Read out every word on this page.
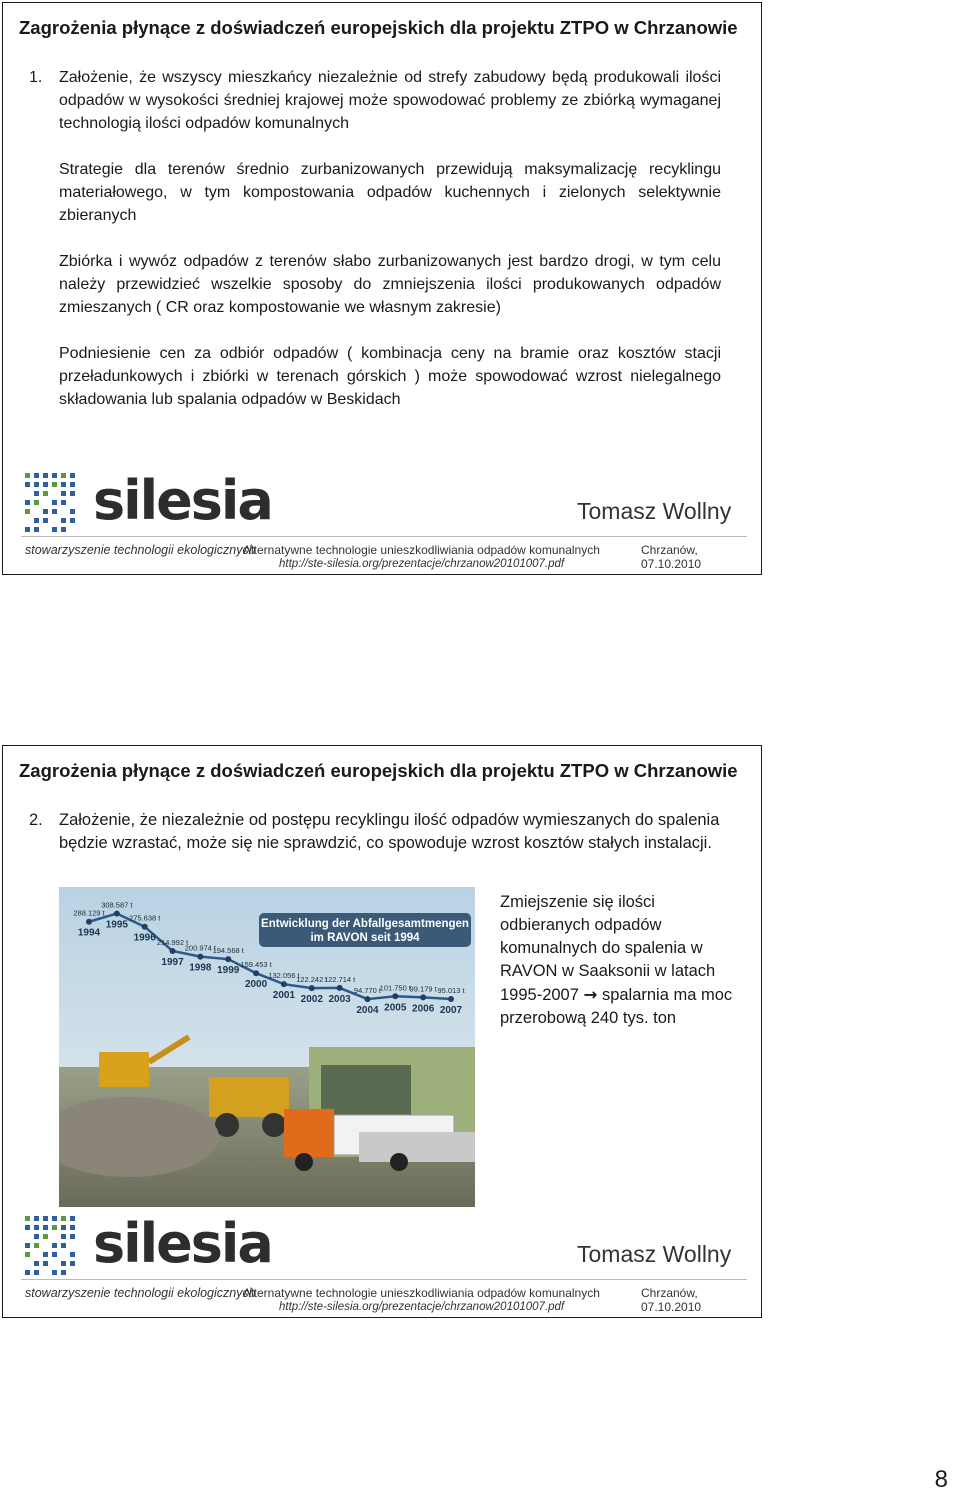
Zagrożenia płynące z doświadczeń europejskich dla projektu ZTPO w Chrzanowie

1. Założenie, że wszyscy mieszkańcy niezależnie od strefy zabudowy będą produkowali ilości odpadów w wysokości średniej krajowej może spowodować problemy ze zbiórką wymaganej technologią ilości odpadów komunalnych

Strategie dla terenów średnio zurbanizowanych przewidują maksymalizację recyklingu materiałowego, w tym kompostowania odpadów kuchennych i zielonych selektywnie zbieranych

Zbiórka i wywóz odpadów z terenów słabo zurbanizowanych jest bardzo drogi, w tym celu należy przewidzieć wszelkie sposoby do zmniejszenia ilości produkowanych odpadów zmieszanych ( CR oraz kompostowanie we własnym zakresie)

Podniesienie cen za odbiór odpadów ( kombinacja ceny na bramie oraz kosztów stacji przeładunkowych i zbiórki w terenach górskich ) może spowodować wzrost nielegalnego składowania lub spalania odpadów w Beskidach

silesia	Tomasz Wollny
stowarzyszenie technologii ekologicznych
Alternatywne technologie unieszkodliwiania odpadów komunalnych	Chrzanów, 07.10.2010
http://ste-silesia.org/prezentacje/chrzanow20101007.pdf
Zagrożenia płynące z doświadczeń europejskich dla projektu ZTPO w Chrzanowie
2. Założenie, że niezależnie od postępu recyklingu ilość odpadów wymieszanych do spalenia będzie wzrastać, może się nie sprawdzić, co spowoduje wzrost kosztów stałych instalacji.
Entwicklung der Abfallgesamtmengen
im RAVON seit 1994
288.129 t
1994
308.587 t
1995
275.638 t
1996 214.992 t
1997
200.974 t
1998
194.568 t
1999
159.453 t
2000
132.056 t
2001
122.242 t
2002
122.714 t
2003
94.770 t
2004
101.750 t
2005
99.179 t
2006
95.013 t
2007
Zmiejszenie się ilości odbieranych odpadów komunalnych do spalenia w RAVON w Saaksonii w latach 1995-2007 → spalarnia ma moc przerobową 240 tys. ton
silesia	Tomasz Wollny
stowarzyszenie technologii ekologicznych
Alternatywne technologie unieszkodliwiania odpadów komunalnych	Chrzanów, 07.10.2010
http://ste-silesia.org/prezentacje/chrzanow20101007.pdf
8
